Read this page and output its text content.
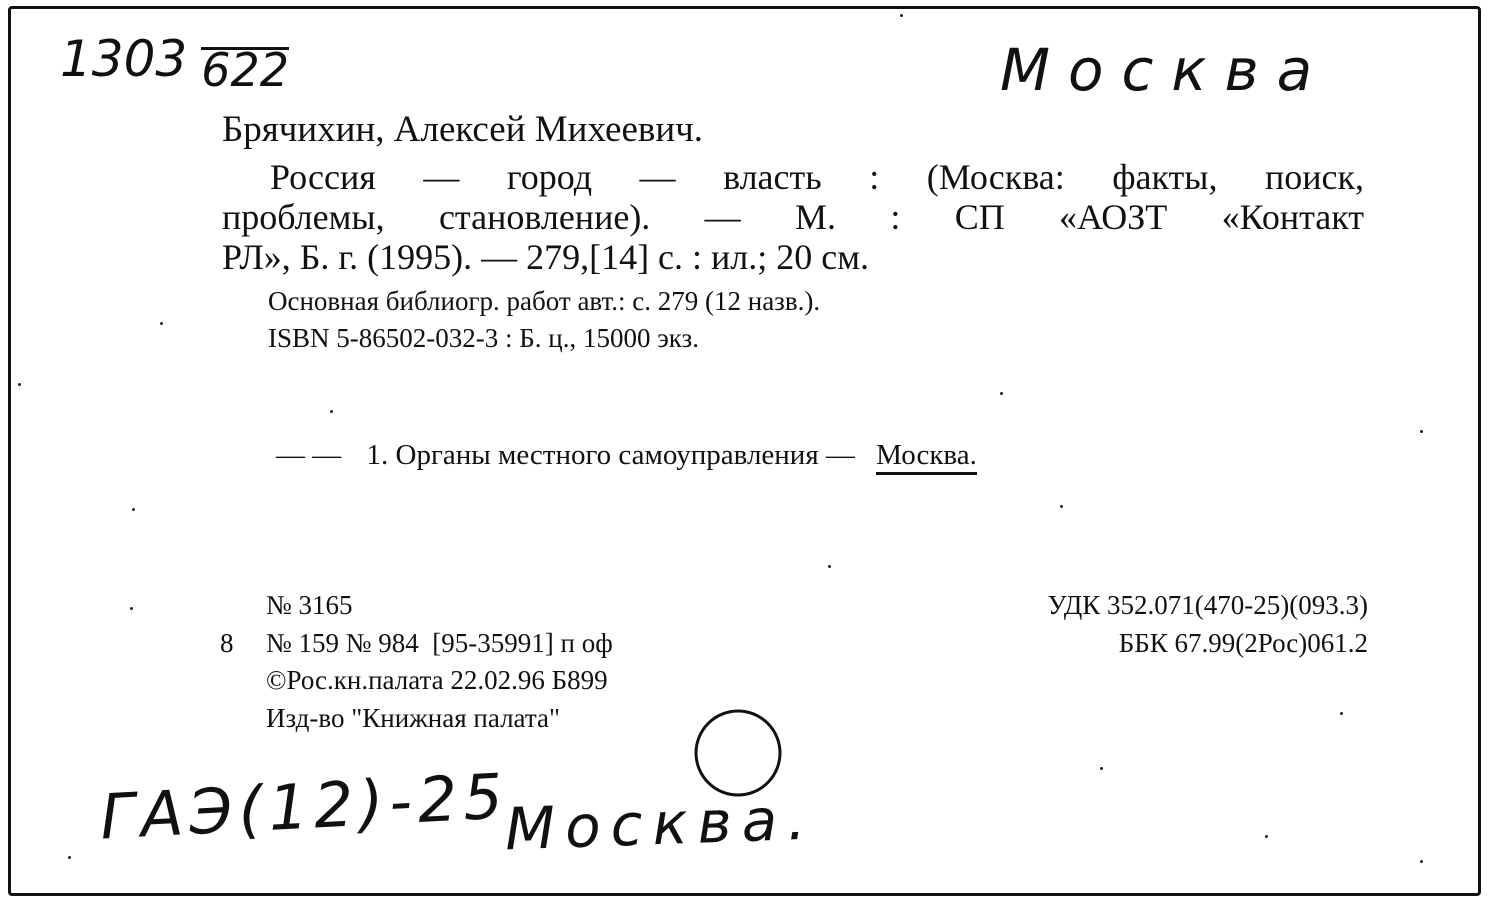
1303 622	Москва
ГАЭ(12)-25
Москва.
Брячихин, Алексей Михеевич.
Россия — город — власть : (Москва: факты, поиск,
проблемы, становление). — М. : СП «АОЗТ «Контакт
РЛ», Б. г. (1995). — 279,[14] с. : ил.; 20 см.
Основная библиогр. работ авт.: с. 279 (12 назв.).
ISBN 5-86502-032-3 : Б. ц., 15000 экз.
— — 1. Органы местного самоуправления — Москва.
№ 3165
8 № 159 № 984  [95-35991] п оф
©Рос.кн.палата 22.02.96 Б899
Изд-во "Книжная палата"
УДК 352.071(470-25)(093.3)
ББК 67.99(2Рос)061.2
